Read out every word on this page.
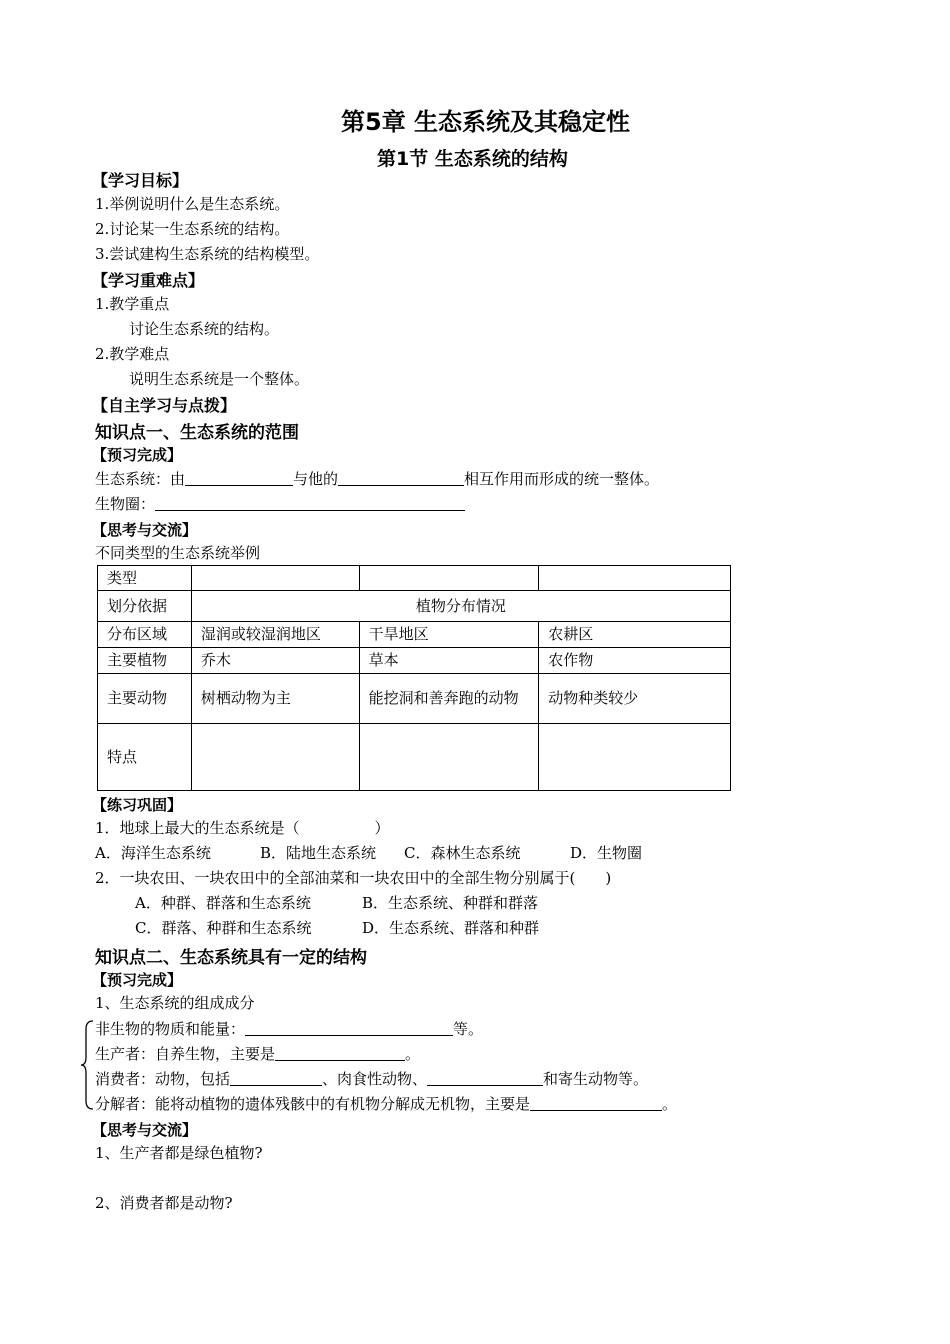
第5章 生态系统及其稳定性
第1节 生态系统的结构
【学习目标】
1.举例说明什么是生态系统。
2.讨论某一生态系统的结构。
3.尝试建构生态系统的结构模型。
【学习重难点】
1.教学重点
讨论生态系统的结构。
2.教学难点
说明生态系统是一个整体。
【自主学习与点拨】
知识点一、生态系统的范围
【预习完成】
生态系统：由	与他的	相互作用而形成的统一整体。
生物圈：
【思考与交流】
不同类型的生态系统举例
类型			
划分依据	植物分布情况		
分布区域	湿润或较湿润地区	干旱地区	农耕区
主要植物	乔木	草本	农作物
主要动物	树栖动物为主	能挖洞和善奔跑的动物	动物种类较少
特点			
【练习巩固】
1．地球上最大的生态系统是（　　　　　）
A．海洋生态系统	B．陆地生态系统 C．森林生态系统	D．生物圈
2．一块农田、一块农田中的全部油菜和一块农田中的全部生物分别属于(　　)
A．种群、群落和生态系统	B．生态系统、种群和群落
C．群落、种群和生态系统	D．生态系统、群落和种群
知识点二、生态系统具有一定的结构
【预习完成】
1、生态系统的组成成分
非生物的物质和能量：	等。
生产者：自养生物，主要是	。
消费者：动物，包括	、肉食性动物、	和寄生动物等。
分解者：能将动植物的遗体残骸中的有机物分解成无机物，主要是	。
【思考与交流】
1、生产者都是绿色植物?
2、消费者都是动物?
